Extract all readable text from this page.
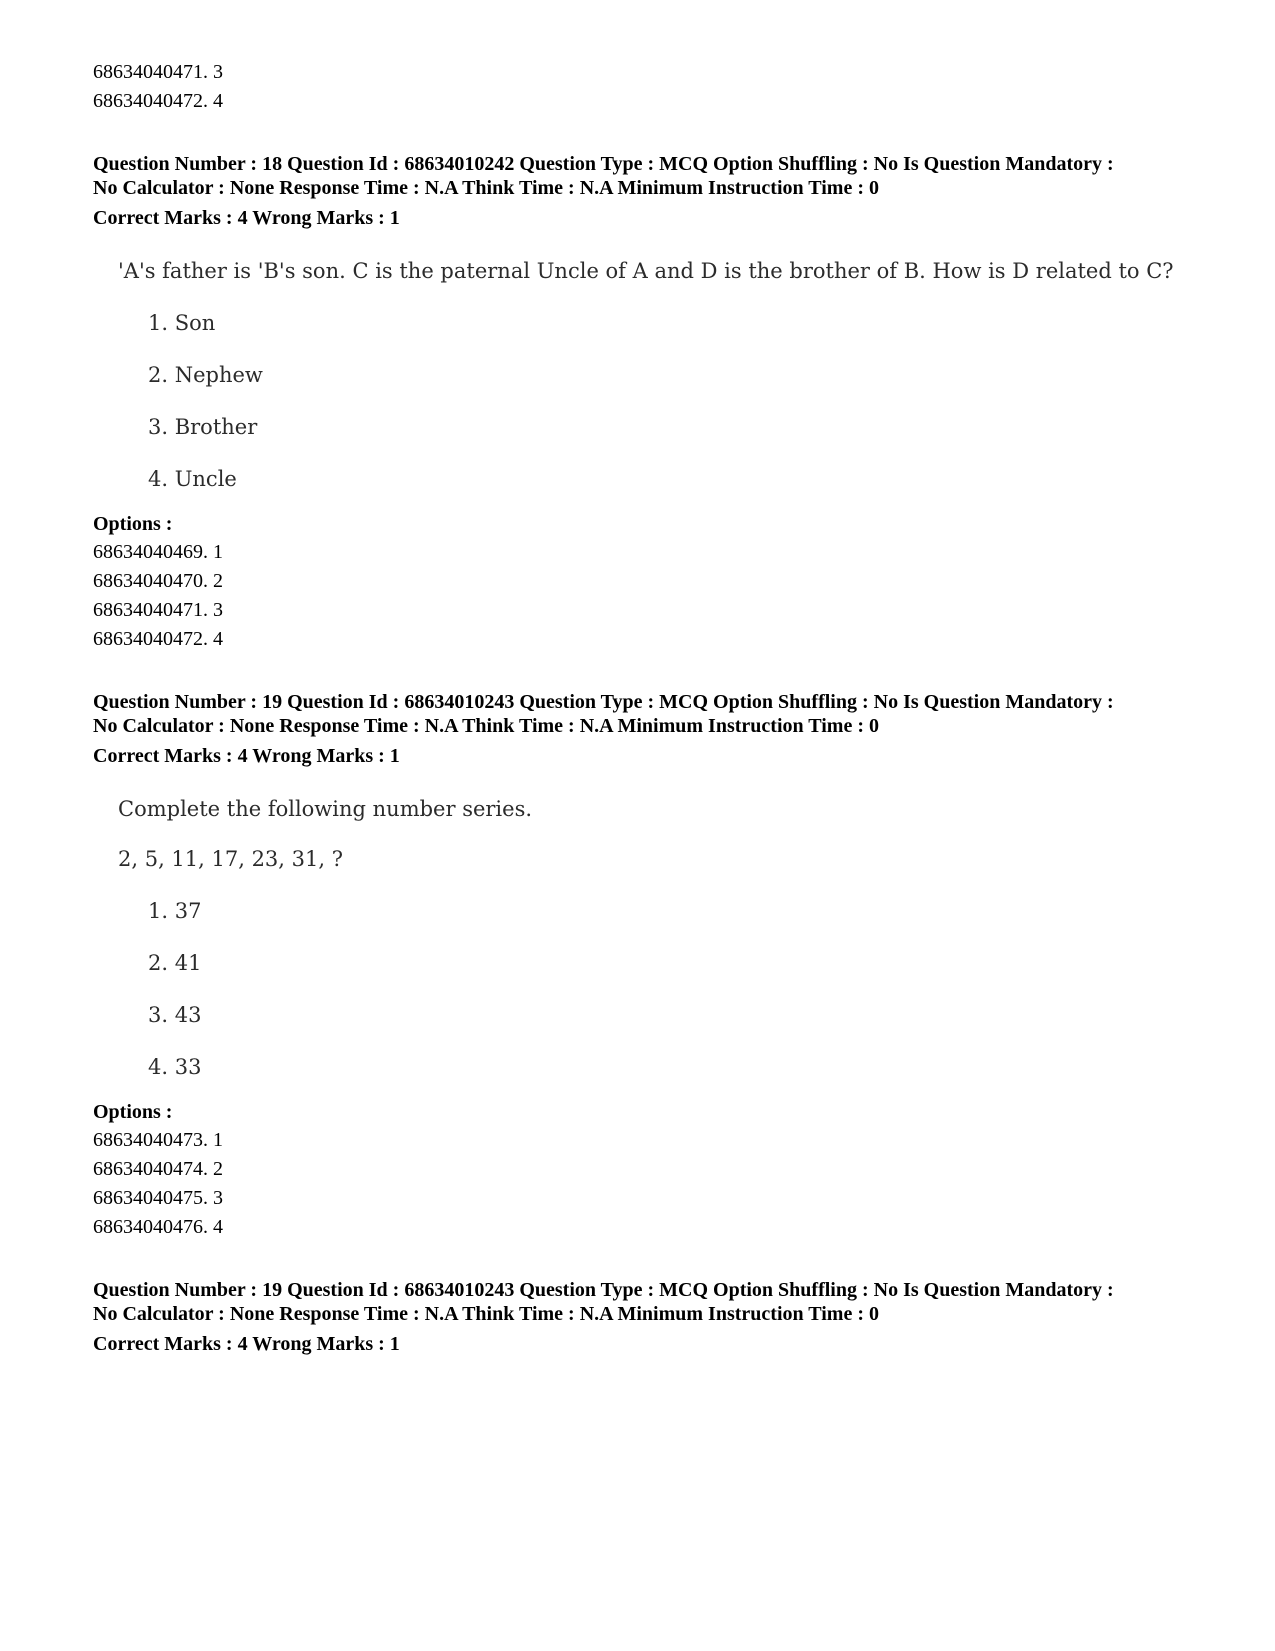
68634040471. 3
68634040472. 4
Question Number : 18 Question Id : 68634010242 Question Type : MCQ Option Shuffling : No Is Question Mandatory :
No Calculator : None Response Time : N.A Think Time : N.A Minimum Instruction Time : 0
Correct Marks : 4 Wrong Marks : 1
'A's father is 'B's son. C is the paternal Uncle of A and D is the brother of B. How is D related to C?
1. Son
2. Nephew
3. Brother
4. Uncle
Options :
68634040469. 1
68634040470. 2
68634040471. 3
68634040472. 4
Question Number : 19 Question Id : 68634010243 Question Type : MCQ Option Shuffling : No Is Question Mandatory :
No Calculator : None Response Time : N.A Think Time : N.A Minimum Instruction Time : 0
Correct Marks : 4 Wrong Marks : 1
Complete the following number series.
2, 5, 11, 17, 23, 31, ?
1. 37
2. 41
3. 43
4. 33
Options :
68634040473. 1
68634040474. 2
68634040475. 3
68634040476. 4
Question Number : 19 Question Id : 68634010243 Question Type : MCQ Option Shuffling : No Is Question Mandatory :
No Calculator : None Response Time : N.A Think Time : N.A Minimum Instruction Time : 0
Correct Marks : 4 Wrong Marks : 1
